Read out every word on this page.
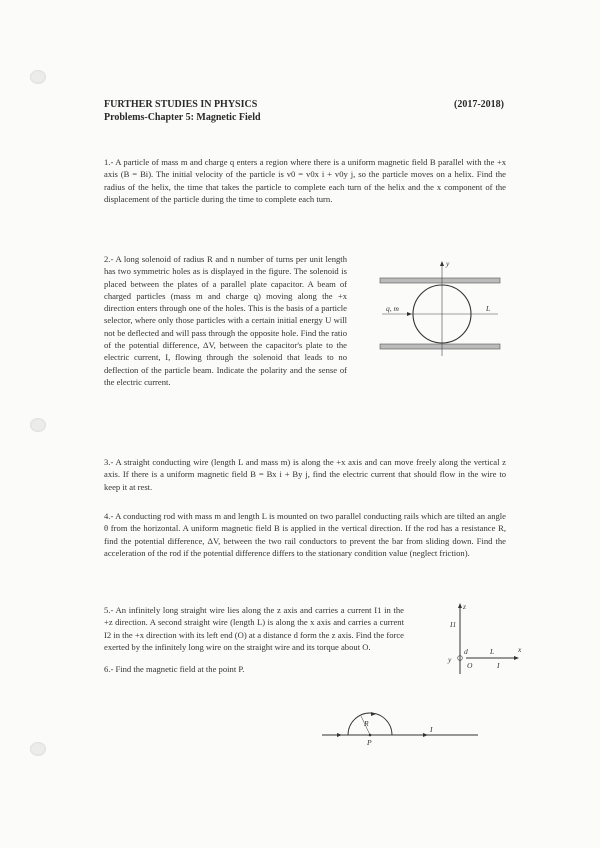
FURTHER STUDIES IN PHYSICS
Problems-Chapter 5: Magnetic Field
(2017-2018)
1.- A particle of mass m and charge q enters a region where there is a uniform magnetic field B parallel with the +x axis (B = Bi). The initial velocity of the particle is v0 = v0x i + v0y j, so the particle moves on a helix. Find the radius of the helix, the time that takes the particle to complete each turn of the helix and the x component of the displacement of the particle during the time to complete each turn.
2.- A long solenoid of radius R and n number of turns per unit length has two symmetric holes as is displayed in the figure. The solenoid is placed between the plates of a parallel plate capacitor. A beam of charged particles (mass m and charge q) moving along the +x direction enters through one of the holes. This is the basis of a particle selector, where only those particles with a certain initial energy U will not be deflected and will pass through the opposite hole. Find the ratio of the potential difference, ΔV, between the capacitor's plate to the electric current, I, flowing through the solenoid that leads to no deflection of the particle beam. Indicate the polarity and the sense of the electric current.
3.- A straight conducting wire (length L and mass m) is along the +x axis and can move freely along the vertical z axis. If there is a uniform magnetic field B = Bx i + By j, find the electric current that should flow in the wire to keep it at rest.
4.- A conducting rod with mass m and length L is mounted on two parallel conducting rails which are tilted an angle θ from the horizontal. A uniform magnetic field B is applied in the vertical direction. If the rod has a resistance R, find the potential difference, ΔV, between the two rail conductors to prevent the bar from sliding down. Find the acceleration of the rod if the potential difference differs to the stationary condition value (neglect friction).
5.- An infinitely long straight wire lies along the z axis and carries a current I1 in the +z direction. A second straight wire (length L) is along the x axis and carries a current I2 in the +x direction with its left end (O) at a distance d form the z axis. Find the force exerted by the infinitely long wire on the straight wire and its torque about O.
6.- Find the magnetic field at the point P.
y
q, m	L
z
I1
y
d
O
L	x
I
R
P
I
